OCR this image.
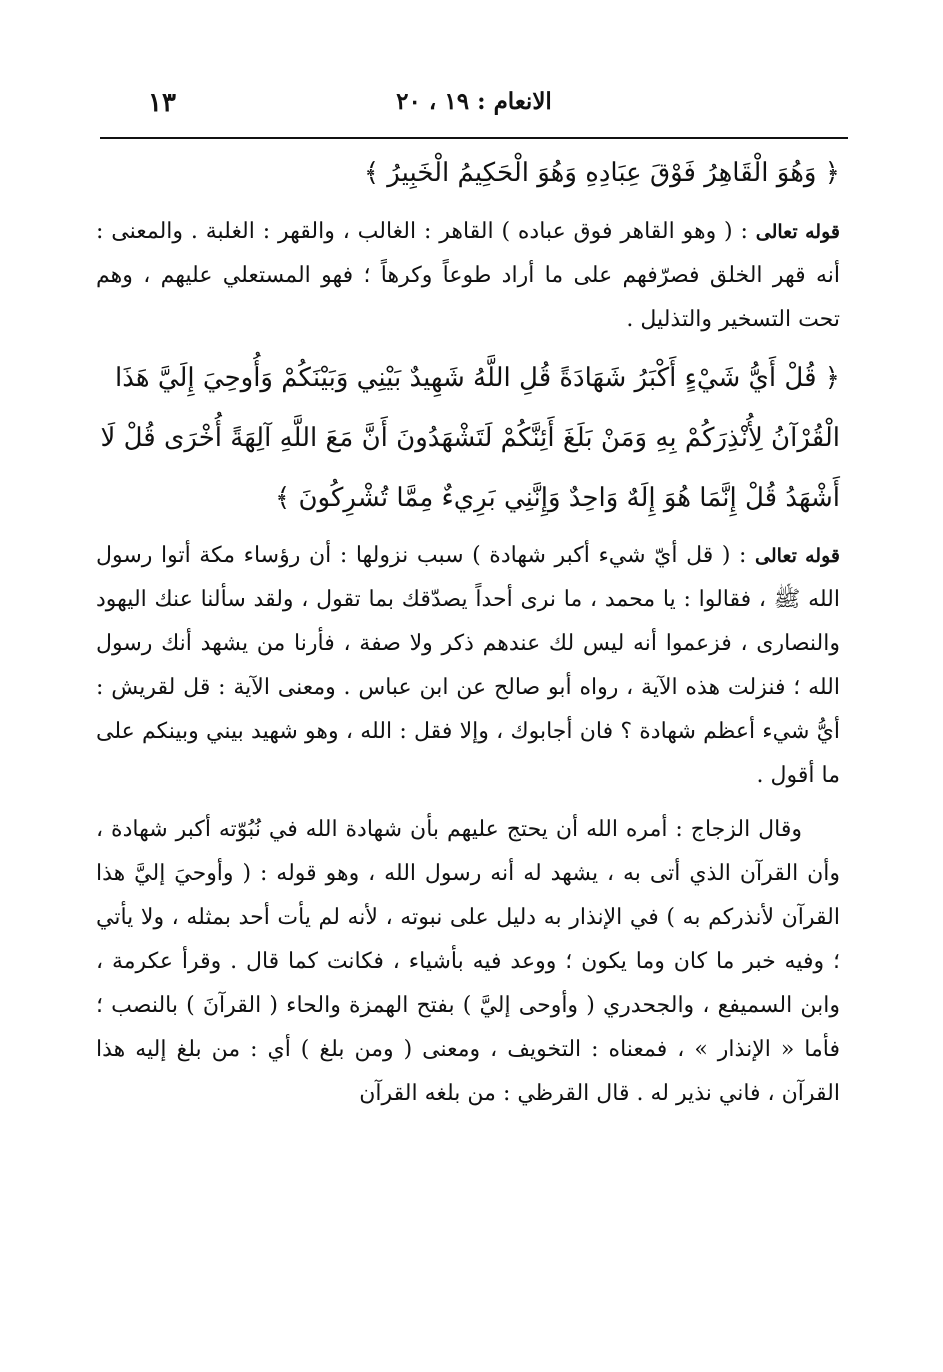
الانعام : ١٩ ، ٢٠
١٣
﴿ وَهُوَ الْقَاهِرُ فَوْقَ عِبَادِهِ وَهُوَ الْحَكِيمُ الْخَبِيرُ ﴾

قوله تعالى : ( وهو القاهر فوق عباده ) القاهر : الغالب ، والقهر : الغلبة . والمعنى : أنه قهر الخلق فصرّفهم على ما أراد طوعاً وكرهاً ؛ فهو المستعلي عليهم ، وهم تحت التسخير والتذليل .

﴿ قُلْ أَيُّ شَيْءٍ أَكْبَرُ شَهَادَةً قُلِ اللَّهُ شَهِيدٌ بَيْنِي وَبَيْنَكُمْ وَأُوحِيَ إِلَيَّ هَذَا الْقُرْآنُ لِأُنْذِرَكُمْ بِهِ وَمَنْ بَلَغَ أَئِنَّكُمْ لَتَشْهَدُونَ أَنَّ مَعَ اللَّهِ آلِهَةً أُخْرَى قُلْ لَا أَشْهَدُ قُلْ إِنَّمَا هُوَ إِلَهٌ وَاحِدٌ وَإِنَّنِي بَرِيءٌ مِمَّا تُشْرِكُونَ ﴾

قوله تعالى : ( قل أيّ شيء أكبر شهادة ) سبب نزولها : أن رؤساء مكة أتوا رسول الله ﷺ ، فقالوا : يا محمد ، ما نرى أحداً يصدّقك بما تقول ، ولقد سألنا عنك اليهود والنصارى ، فزعموا أنه ليس لك عندهم ذكر ولا صفة ، فأرنا من يشهد أنك رسول الله ؛ فنزلت هذه الآية ، رواه أبو صالح عن ابن عباس . ومعنى الآية : قل لقريش : أيُّ شيء أعظم شهادة ؟ فان أجابوك ، وإلا فقل : الله ، وهو شهيد بيني وبينكم على ما أقول .

وقال الزجاج : أمره الله أن يحتج عليهم بأن شهادة الله في نُبُوّته أكبر شهادة ، وأن القرآن الذي أتى به ، يشهد له أنه رسول الله ، وهو قوله : ( وأوحيَ إليَّ هذا القرآن لأنذركم به ) في الإنذار به دليل على نبوته ، لأنه لم يأت أحد بمثله ، ولا يأتي ؛ وفيه خبر ما كان وما يكون ؛ ووعد فيه بأشياء ، فكانت كما قال . وقرأ عكرمة ، وابن السميفع ، والجحدري ( وأوحى إليَّ ) بفتح الهمزة والحاء ( القرآنَ ) بالنصب ؛ فأما « الإنذار » ، فمعناه : التخويف ، ومعنى ( ومن بلغ ) أي : من بلغ إليه هذا القرآن ، فاني نذير له . قال القرظي : من بلغه القرآن
